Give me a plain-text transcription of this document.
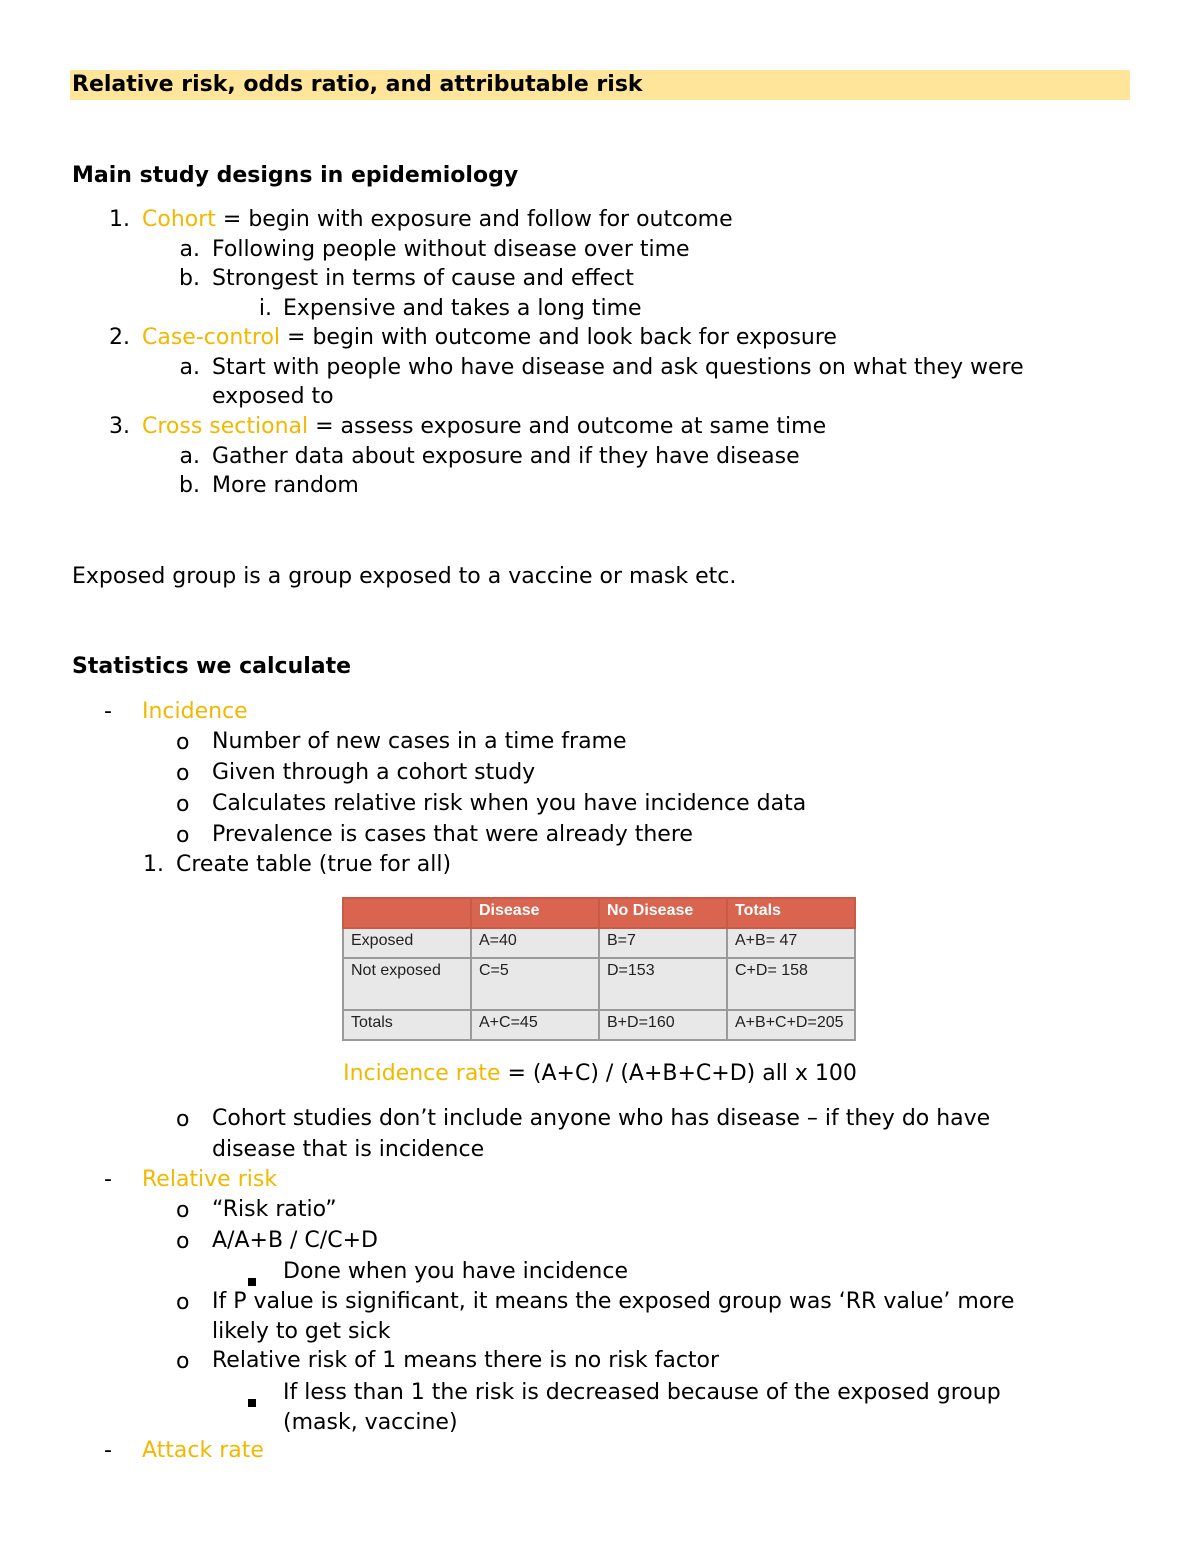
Relative risk, odds ratio, and attributable risk
Main study designs in epidemiology
1. Cohort = begin with exposure and follow for outcome
a. Following people without disease over time
b. Strongest in terms of cause and effect
i. Expensive and takes a long time
2. Case-control = begin with outcome and look back for exposure
a. Start with people who have disease and ask questions on what they were
exposed to
3. Cross sectional = assess exposure and outcome at same time
a. Gather data about exposure and if they have disease
b. More random
Exposed group is a group exposed to a vaccine or mask etc.
Statistics we calculate
- Incidence
o Number of new cases in a time frame
o Given through a cohort study
o Calculates relative risk when you have incidence data
o Prevalence is cases that were already there
1. Create table (true for all)
	Disease	No Disease	Totals
Exposed	A=40	B=7	A+B= 47
Not exposed	C=5	D=153	C+D= 158
Totals	A+C=45	B+D=160	A+B+C+D=205
Incidence rate = (A+C) / (A+B+C+D) all x 100
o Cohort studies don’t include anyone who has disease – if they do have
disease that is incidence
- Relative risk
o “Risk ratio”
o A/A+B / C/C+D
Done when you have incidence
o If P value is significant, it means the exposed group was ‘RR value’ more
likely to get sick
o Relative risk of 1 means there is no risk factor
If less than 1 the risk is decreased because of the exposed group
(mask, vaccine)
- Attack rate
